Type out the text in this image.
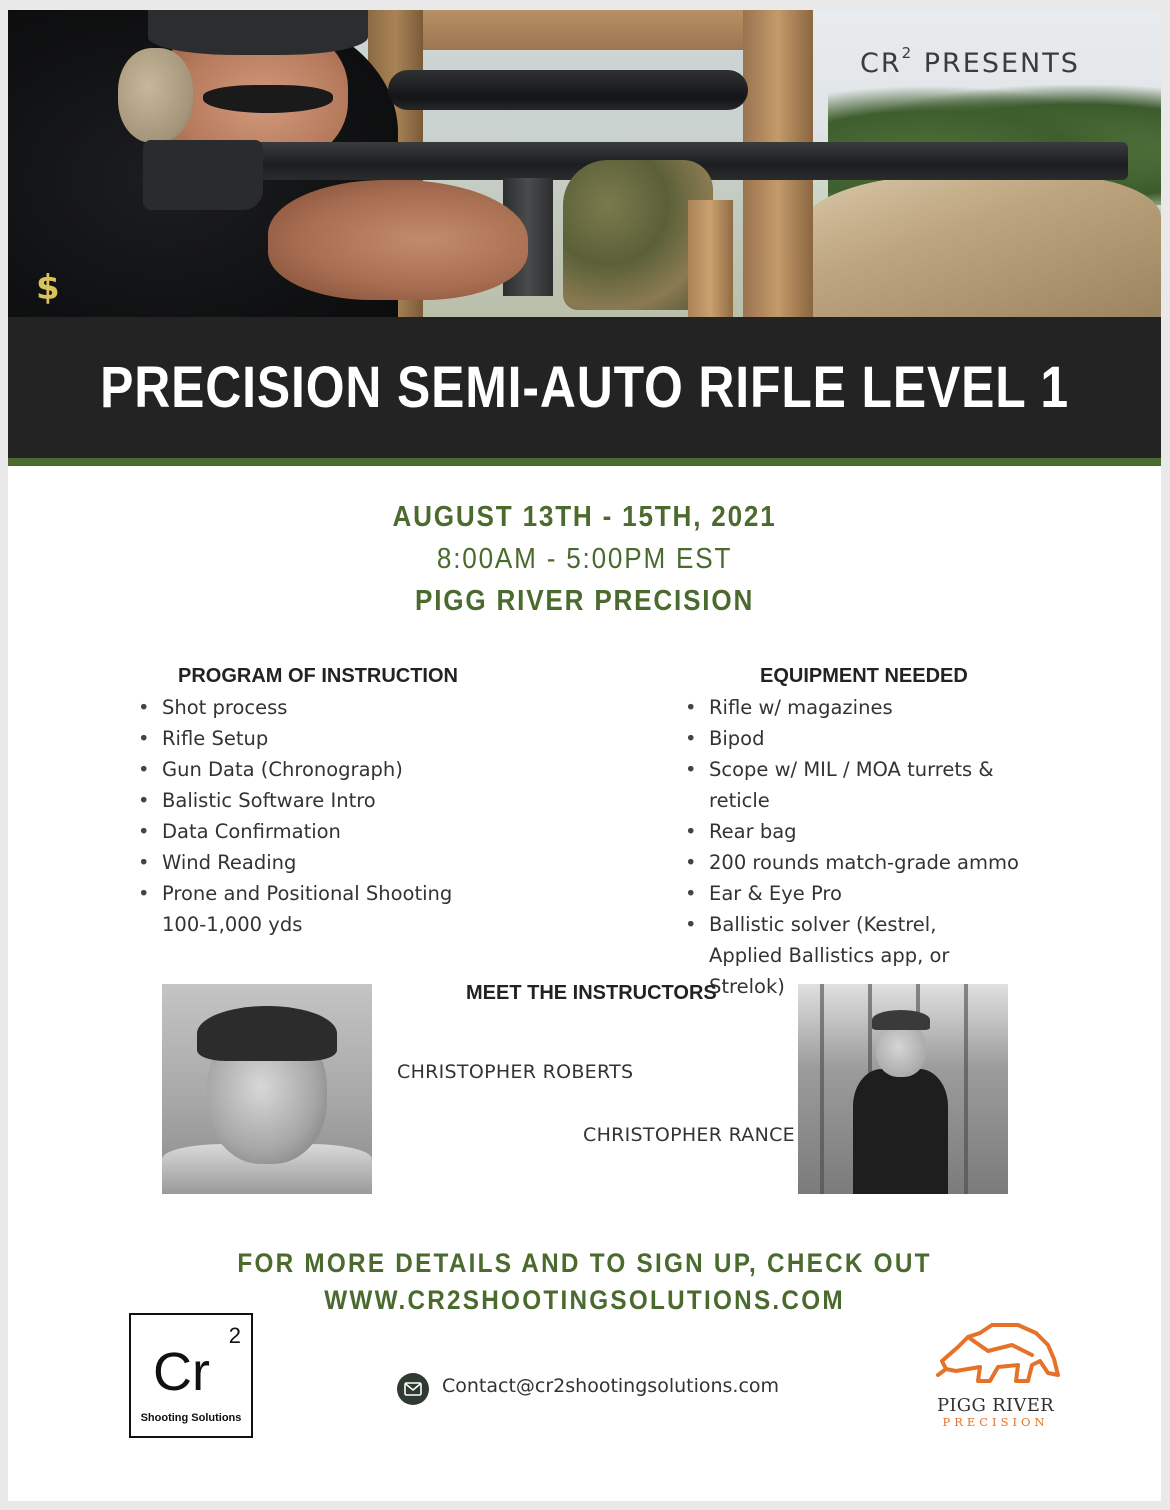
$
$CR^2$ PRESENTS
PRECISION SEMI-AUTO RIFLE LEVEL 1
AUGUST 13TH - 15TH, 2021
8:00AM - 5:00PM EST
PIGG RIVER PRECISION
PROGRAM OF INSTRUCTION
• Shot process
• Rifle Setup
• Gun Data (Chronograph)
• Balistic Software Intro
• Data Confirmation
• Wind Reading
• Prone and Positional Shooting 100-1,000 yds
EQUIPMENT NEEDED
• Rifle w/ magazines
• Bipod
• Scope w/ MIL / MOA turrets & reticle
• Rear bag
• 200 rounds match-grade ammo
• Ear & Eye Pro
• Ballistic solver (Kestrel, Applied Ballistics app, or Strelok)
MEET THE INSTRUCTORS
CHRISTOPHER ROBERTS
CHRISTOPHER RANCE
FOR MORE DETAILS AND TO SIGN UP, CHECK OUT
WWW.CR2SHOOTINGSOLUTIONS.COM
2
Cr
Shooting Solutions
Contact@cr2shootingsolutions.com
PIGG RIVER
PRECISION
